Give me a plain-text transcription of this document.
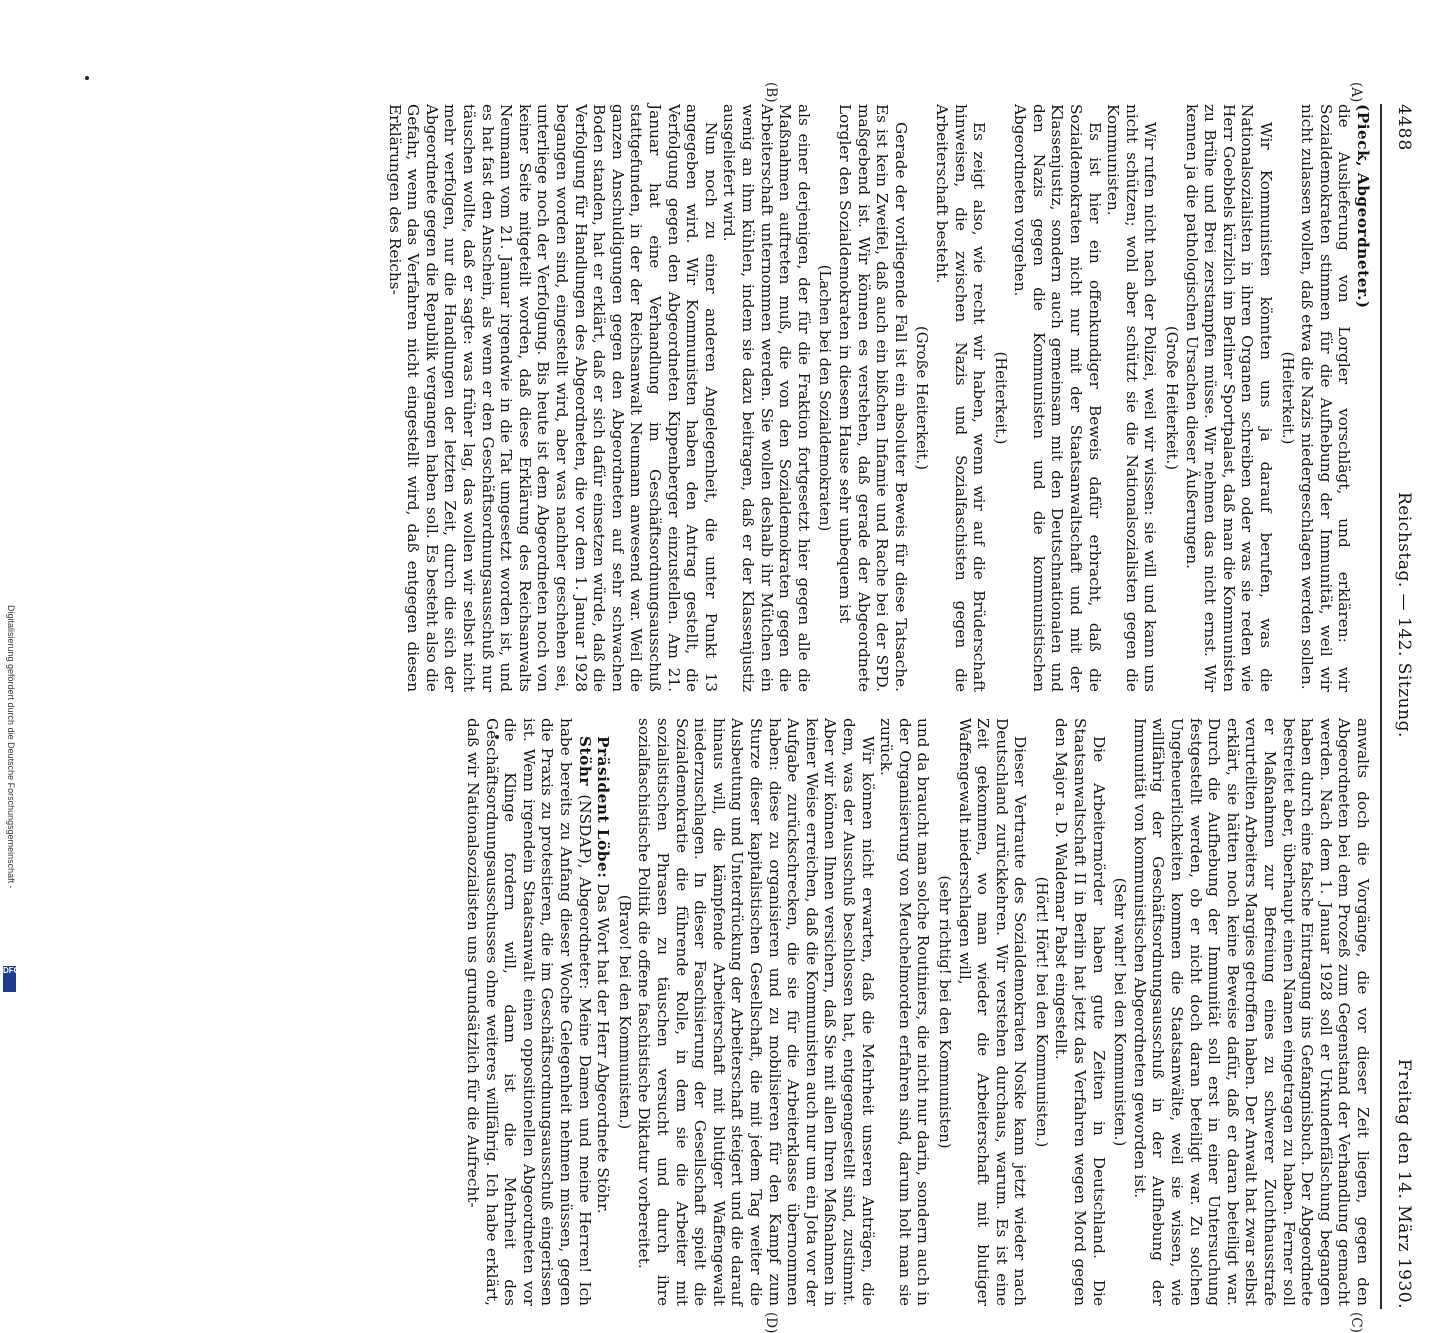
4488
Reichstag. — 142. Sitzung.
Freitag den 14. März 1930.
(A)
(B)
(C)
(D)

(Pieck, Abgeordneter.)

die Auslieferung von Lorgler vorschlägt, und erklären: wir Sozialdemokraten stimmen für die Aufhebung der Immunität, weil wir nicht zulassen wollen, daß etwa die Nazis niedergeschlagen werden sollen.

(Heiterkeit.)

Wir Kommunisten könnten uns ja darauf berufen, was die Nationalsozialisten in ihren Organen schreiben oder was sie reden wie Herr Goebbels kürzlich im Berliner Sportpalast, daß man die Kommunisten zu Brühe und Brei zerstampfen müsse. Wir nehmen das nicht ernst. Wir kennen ja die pathologischen Ursachen dieser Äußerungen.

(Große Heiterkeit.)

Wir rufen nicht nach der Polizei, weil wir wissen: sie will und kann uns nicht schützen; wohl aber schützt sie die Nationalsozialisten gegen die Kommunisten.

Es ist hier ein offenkundiger Beweis dafür erbracht, daß die Sozialdemokraten nicht nur mit der Staatsanwaltschaft und mit der Klassenjustiz, sondern auch gemeinsam mit den Deutschnationalen und den Nazis gegen die Kommunisten und die kommunistischen Abgeordneten vorgehen.

(Heiterkeit.)

Es zeigt also, wie recht wir haben, wenn wir auf die Brüderschaft hinweisen, die zwischen Nazis und Sozialfaschisten gegen die Arbeiterschaft besteht.

(Große Heiterkeit.)

Gerade der vorliegende Fall ist ein absoluter Beweis für diese Tatsache. Es ist kein Zweifel, daß auch ein bißchen Infamie und Rache bei der SPD. maßgebend ist. Wir können es verstehen, daß gerade der Abgeordnete Lorgler den Sozialdemokraten in diesem Hause sehr unbequem ist

(Lachen bei den Sozialdemokraten)

als einer derjenigen, der für die Fraktion fortgesetzt hier gegen alle die Maßnahmen auftreten muß, die von den Sozialdemokraten gegen die Arbeiterschaft unternommen werden. Sie wollen deshalb ihr Mütchen ein wenig an ihm kühlen, indem sie dazu beitragen, daß er der Klassenjustiz ausgeliefert wird.

Nun noch zu einer anderen Angelegenheit, die unter Punkt 13 angegeben wird. Wir Kommunisten haben den Antrag gestellt, die Verfolgung gegen den Abgeordneten Kippenberger einzustellen. Am 21. Januar hat eine Verhandlung im Geschäftsordnungsausschuß stattgefunden, in der der Reichsanwalt Neumann anwesend war. Weil die ganzen Anschuldigungen gegen den Abgeordneten auf sehr schwachen Boden standen, hat er erklärt, daß er sich dafür einsetzen würde, daß die Verfolgung für Handlungen des Abgeordneten, die vor dem 1. Januar 1928 begangen worden sind, eingestellt wird, aber was nachher geschehen sei, unterliege noch der Verfolgung. Bis heute ist dem Abgeordneten noch von keiner Seite mitgeteilt worden, daß diese Erklärung des Reichsanwalts Neumann vom 21. Januar irgendwie in die Tat umgesetzt worden ist, und es hat fast den Anschein, als wenn er den Geschäftsordnungsausschuß nur täuschen wollte, daß er sagte: was früher lag, das wollen wir selbst nicht mehr verfolgen, nur die Handlungen der letzten Zeit, durch die sich der Abgeordnete gegen die Republik vergangen haben soll. Es besteht also die Gefahr, wenn das Verfahren nicht eingestellt wird, daß entgegen diesen Erklärungen des Reichs-

anwalts doch die Vorgänge, die vor dieser Zeit liegen, gegen den Abgeordneten bei dem Prozeß zum Gegenstand der Verhandlung gemacht werden. Nach dem 1. Januar 1928 soll er Urkundenfälschung begangen haben durch eine falsche Eintragung ins Gefangnisbuch. Der Abgeordnete bestreitet aber, überhaupt einen Namen eingetragen zu haben. Ferner soll er Maßnahmen zur Befreiung eines zu schwerer Zuchthausstrafe verurteilten Arbeiters Margies getroffen haben. Der Anwalt hat zwar selbst erklärt, sie hätten noch keine Beweise dafür, daß er daran beteiligt war. Durch die Aufhebung der Immunität soll erst in einer Untersuchung festgestellt werden, ob er nicht doch daran beteiligt war. Zu solchen Ungeheuerlichkeiten kommen die Staatsanwälte, weil sie wissen, wie willfährig der Geschäftsordnungsausschuß in der Aufhebung der Immunität von kommunistischen Abgeordneten geworden ist.

(Sehr wahr! bei den Kommunisten.)

Die Arbeitermörder haben gute Zeiten in Deutschland. Die Staatsanwaltschaft II in Berlin hat jetzt das Verfahren wegen Mord gegen den Major a. D. Waldemar Pabst eingestellt.

(Hört! Hört! bei den Kommunisten.)

Dieser Vertraute des Sozialdemokraten Noske kann jetzt wieder nach Deutschland zurückkehren. Wir verstehen durchaus, warum. Es ist eine Zeit gekommen, wo man wieder die Arbeiterschaft mit blutiger Waffengewalt niederschlagen will,

(sehr richtig! bei den Kommunisten)

und da braucht man solche Routiniers, die nicht nur darin, sondern auch in der Organisierung von Meuchelmorden erfahren sind, darum holt man sie zurück.

Wir können nicht erwarten, daß die Mehrheit unseren Anträgen, die dem, was der Ausschuß beschlossen hat, entgegengestellt sind, zustimmt. Aber wir können Ihnen versichern, daß Sie mit allen Ihren Maßnahmen in keiner Weise erreichen, daß die Kommunisten auch nur um ein Jota vor der Aufgabe zurückschrecken, die sie für die Arbeiterklasse übernommen haben: diese zu organisieren und zu mobilisieren für den Kampf zum Sturze dieser kapitalistischen Gesellschaft, die mit jedem Tag weiter die Ausbeutung und Unterdrückung der Arbeiterschaft steigert und die darauf hinaus will, die kämpfende Arbeiterschaft mit blutiger Waffengewalt niederzuschlagen. In dieser Faschisierung der Gesellschaft spielt die Sozialdemokratie die führende Rolle, in dem sie die Arbeiter mit sozialistischen Phrasen zu täuschen versucht und durch ihre sozialfaschistische Politik die offene faschistische Diktatur vorbereitet.

(Bravo! bei den Kommunisten.)

Präsident Löbe: Das Wort hat der Herr Abgeordnete Stöhr.

Stöhr (NSDAP), Abgeordneter: Meine Damen und meine Herren! Ich habe bereits zu Anfang dieser Woche Gelegenheit nehmen müssen, gegen die Praxis zu protestieren, die im Geschäftsordnungsausschuß eingerissen ist. Wenn irgendein Staatsanwalt einen oppositionellen Abgeordneten vor die Klinge fordern will, dann ist die Mehrheit des Geschäftsordnungsausschusses ohne weiteres willfährig. Ich habe erklärt, daß wir Nationalsozialisten uns grundsätzlich für die Aufrecht-

Digitalisierung gefördert durch die Deutsche Forschungsgemeinschaft -
DFG
